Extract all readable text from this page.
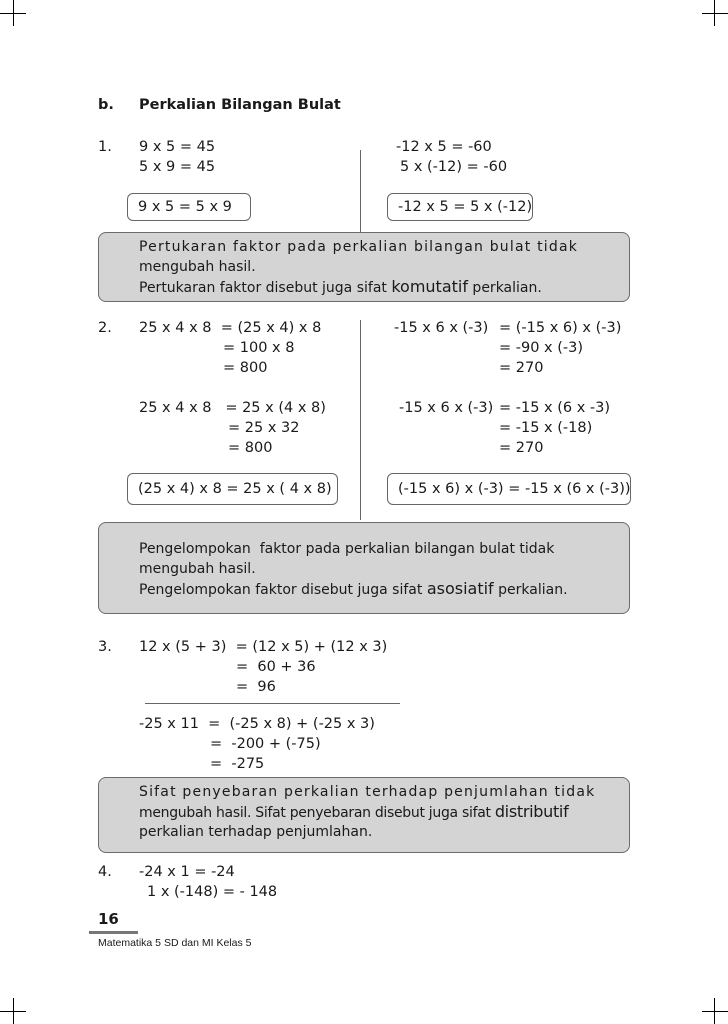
b. Perkalian Bilangan Bulat
1. 9 x 5 = 45
5 x 9 = 45
-12 x 5 = -60
5 x (-12) = -60
9 x 5 = 5 x 9	-12 x 5 = 5 x (-12)
Pertukaran faktor pada perkalian bilangan bulat tidak
mengubah hasil.
Pertukaran faktor disebut juga sifat komutatif perkalian.
2. 25 x 4 x 8  = (25 x 4) x 8
= 100 x 8
= 800
25 x 4 x 8   = 25 x (4 x 8)
= 25 x 32
= 800
-15 x 6 x (-3) = (-15 x 6) x (-3)
= -90 x (-3)
= 270
-15 x 6 x (-3) = -15 x (6 x -3)
= -15 x (-18)
= 270
(25 x 4) x 8 = 25 x ( 4 x 8)	(-15 x 6) x (-3) = -15 x (6 x (-3))
Pengelompokan  faktor pada perkalian bilangan bulat tidak
mengubah hasil.
Pengelompokan faktor disebut juga sifat asosiatif perkalian.
3. 12 x (5 + 3)  = (12 x 5) + (12 x 3)
=  60 + 36
=  96
-25 x 11  =  (-25 x 8) + (-25 x 3)
=  -200 + (-75)
=  -275
Sifat penyebaran perkalian terhadap penjumlahan tidak
mengubah hasil. Sifat penyebaran disebut juga sifat distributif
perkalian terhadap penjumlahan.
4. -24 x 1 = -24
1 x (-148) = - 148
16
Matematika 5 SD dan MI Kelas 5
